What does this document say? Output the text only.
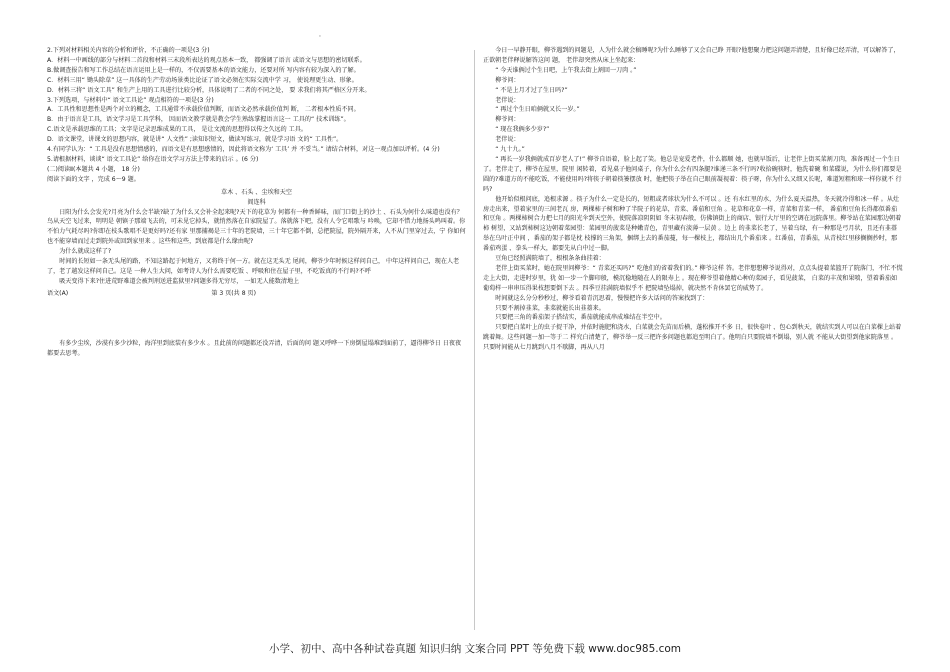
'

2.下列对材料相关内容的分析和评价，不正确的一项是(3 分)

A．材料一中画线的部分与材料二首段和材料三末段所表达的观点基本一致， 都强调了语言 或语文与思想的密切联系。

B.做调查报告和写工作总结在语言运用上是一样的，不仅需要基本的语文能力，还要对所 写内容有较为深入的了解。

C．材料三用“ 锄头除草” 这一具体的生产劳动场景类比论证了语文必须在实际交流中学 习， 使说理更生动、形象。

D．材料三将“ 语文工具” 和生产上用的工具进行比较分析，具体说明了二者的不同之处， 要 求我们将其严格区分开来。

3.下列选项，与材料中“ 语文工具论” 观点相符的一项是(3 分)

A．工具性和思想性是两个对立的概念，工具通常不承载价值判断，而语文必然承载价值判 断， 二者根本性质不同。

B．由于语言是工具，语文学习是工具学科， 因而语文教学就是教会学生熟练掌握语言这一 工具的“ 技术训练”。

C.语文是承载思维的工具；文字是记录思维成果的工具， 是让文流的思想得以传之久远的 工具。

D．语文课堂，讲课文的思想内容，就是讲“ 人文性” ;读知识短文，做读写练习，就是学习语 文的“ 工具性”。

4.有同学认为：“ 工具是没有思想情感的，而语文是有思想感情的，因此将语文称为‘ 工具’ 并 不妥当。” 请结合材料，对这一观点加以评析。(4 分)

5.请根据材料，谈谈“ 语文工具论” 给你在语文学习方法上带来的启示 。(6 分)

(二)阅读Ⅱ(本题共 4 小题， 18 分)

阅读下面的文字 ，完成 6～9 题。

草木 、石头 、尘埃和天空

阎连科

日阳为什么会发光?月亮为什么会半缺?缺了为什么又会补全起来呢?天下的花草为 何都有一种香鲜味，而门口街上的沙土 、石头为何什么味道也没有？鸟从天空飞过来，明明是 朝镇子那端飞去的，可未见它掉头，就悄然落在自家院屋了。落就落下吧，没有人令它唱歌与 吟唤，它却不惜力地扬头鸣叫着。你不怕力气耗尽吗?你即在枝头歌唱不是更好吗?还有家 里那捕褐是三十年的老院墙，三十年它都不倒，总把院屋，院外隔开来，人不从门里穿过去，宁 你如何也不能穿墙而过走到院外或回到家里来 。这些和这些，到底都是什么缘由呢?

为什么就成这样了?

时间的长短如一条无头尾的路，不知这路起于何地方，又将终于何一方。就在这无头无 尾间，柳爷少年时候这样问自己， 中年这样问自己，现在人老了，老了越发这样问自己。这是 一种人生大问，如考诗人为什么需要吃饭 、呼吸和住在屋子里，不吃饭真的不行吗?不呼

吸天变得下来?住进荒野难道会被判刑送进监狱里?问题多得无穷尽， 一如无人能数清地上

语文(A)	第 3 页(共 8 页)

有多少尘埃，沙漠有多少沙粒，海洋里到底装有多少水 。且此前的问题都还没弄清，后面的问 题又呼哗一下房倒屋塌堆到面前了，逼得柳爷日 日夜夜都要去思考。

今日一早静开眼，柳爷遇到的问题是，人为什么就会稿睡呢?为什么睡够了又会自己睁 开眼?他想聚力把这问题弄清楚，且好像已经弄清，可以解答了，正欲朝老伴释说解答这问 题， 老伴却突然从床上坐起来：

“ 今天谁俩过个生日吧，上午我去街上割回一刀肉 。”

柳爷问：

“ 不是上月才过了生日吗?”

老伴说：

“ 再过个生日咱俩就又长一岁。”

柳爷问：

“ 现在我俩多少岁?”

老伴说：

“ 九十九。”

“ 再长一岁我俩就成百岁老人了!” 柳爷自语着，脸上起了笑。他总是宠爱老件，什么都顺 她，也就早饭后，让老伴上街买菜割刀肉，准备再过一个生日了。老伴走了，柳爷在屋里，院里 闲转着，看见桌子他问桌子，你为什么会有四条腿?谁递三条不行吗?收拾碗筷时，他洗着碗 和菜碟说，为什么你们都要是圆的?难道方的不能吃饭，不能使用吗?将筷子朝着筷篓摆放 时，他把筷子举在自己眼前凝视着：筷子呀，你为什么又细又长呢，难道短粗和球一样你就不 行吗?

他开始似根问底，追根求源 。筷子为什么一定是长的，短粗或者球状为什么不可以 。还 有水红里的水，为什么夏天温热，冬天就冷得和冰一样 。从灶房走出来，望着家里的三间老瓦 房，两棵柿子树和种了半院子的花草，青菜、番茄和豆角 。花草和花草一样，青菜和青菜一样， 番茄和豆角长得都似番茄和豆角 。两棵柿树合力把七月的阳光伞到天空外，使院落凉阴阴如 冬末初春般，仿佛镇街上的商店、银行大厅里的空调在远院落里。柳爷站在菜园那边朝着柿 树望，又站到柿树这边朝着菜园望：菜园里的菠菜是种嫩青色，青里藏有淡薄一层黄 。边上 的韭菜长老了，呈着乌绿，有一种那是弓月状，且还有韭薹举在乌叶正中间 ，番茄的架子都是枕 枝撑的三角架，捆绑上去的番茄蔓，每一棵枝上，都结出几个番茄来 。红番茄，青番茄，从青枝红里移搁搁抄时，那番茄鸡蛋 、拳头一样大，都要先从白中过一脚。

豆角已经照满院墙了，根根条条曲挂着：

老伴上街买菜时，她在院里问柳爷：“ 青菜还买吗?” 吃他们的省着我们的。” 柳爷这样 答。老伴想想柳爷说得对，点点头提着菜篮开了院落门，不忙不慌走上大街，走进时岁里，犹 如一步一个脚印般，模沉稳地随在人的限寿上 。现在柳爷望着他精心种的菜园子，看见菠菜， 白菜的丰茂和果喷，望着番茄如葡萄样一串串压得果枝想要倒下去 。四季豆挂满院墙似乎不 把院墙坠塌掉，就决然不肯休罢它的威势了。

时间就这么分分秒秒过，柳爷看着青沉思着，慢慢把许多大话问的答案找到了：

只要不割掉韭菜，韭菜就能长出韭薹来。

只要把三角的番茄架子搭结实，番茄就能成串成堆结在半空中。

只要把白菜叶上的虫子捉干净，并依时施肥和浇水，白菜就会先苗而后横，蓬松推开不多 日，很快卷叶 、包心到秋天，就结实到人可以在白菜棵上站着跳着舞。这些问题一加一等于二 样究白清楚了，柳爷举一反三把许多问题也都追至明白了。他明白只要院墙不倒塌，别人就 不能从大街望到他家院落里 。只要时间能从七月跳到八月不歇脚，再从八月

小学、初中、高中各种试卷真题 知识归纳 文案合同 PPT 等免费下载 www.doc985.com
